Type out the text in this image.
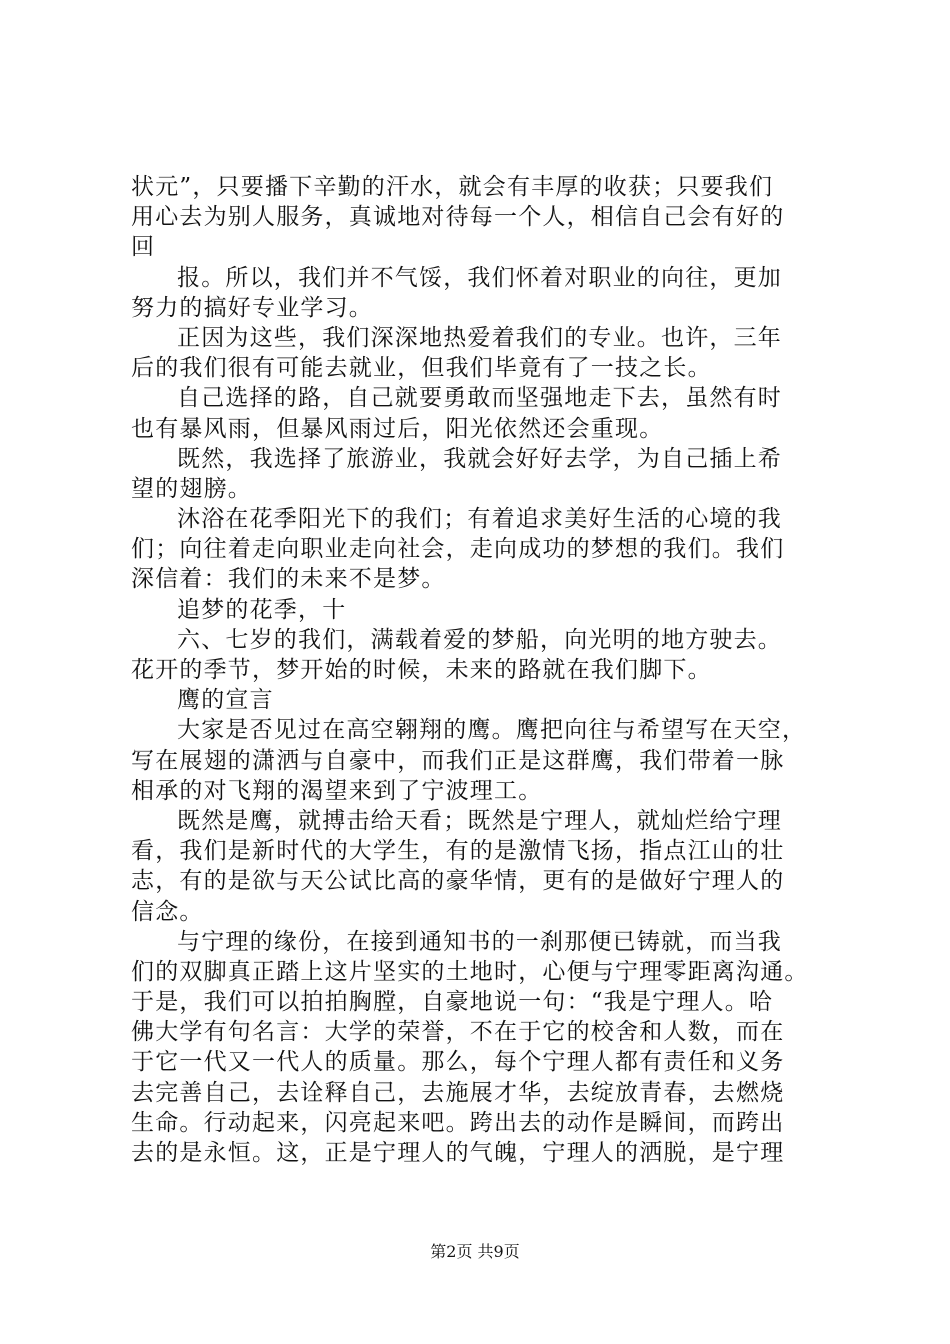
状元”，只要播下辛勤的汗水，就会有丰厚的收获；只要我们
用心去为别人服务，真诚地对待每一个人，相信自己会有好的
回
报。所以，我们并不气馁，我们怀着对职业的向往，更加
努力的搞好专业学习。
正因为这些，我们深深地热爱着我们的专业。也许，三年
后的我们很有可能去就业，但我们毕竟有了一技之长。
自己选择的路，自己就要勇敢而坚强地走下去，虽然有时
也有暴风雨，但暴风雨过后，阳光依然还会重现。
既然，我选择了旅游业，我就会好好去学，为自己插上希
望的翅膀。
沐浴在花季阳光下的我们；有着追求美好生活的心境的我
们；向往着走向职业走向社会，走向成功的梦想的我们。我们
深信着：我们的未来不是梦。
追梦的花季，十
六、七岁的我们，满载着爱的梦船，向光明的地方驶去。
花开的季节，梦开始的时候，未来的路就在我们脚下。
鹰的宣言
大家是否见过在高空翱翔的鹰。鹰把向往与希望写在天空，
写在展翅的潇洒与自豪中，而我们正是这群鹰，我们带着一脉
相承的对飞翔的渴望来到了宁波理工。
既然是鹰，就搏击给天看；既然是宁理人，就灿烂给宁理
看，我们是新时代的大学生，有的是激情飞扬，指点江山的壮
志，有的是欲与天公试比高的豪华情，更有的是做好宁理人的
信念。
与宁理的缘份，在接到通知书的一刹那便已铸就，而当我
们的双脚真正踏上这片坚实的土地时，心便与宁理零距离沟通。
于是，我们可以拍拍胸膛，自豪地说一句：“我是宁理人。哈
佛大学有句名言：大学的荣誉，不在于它的校舍和人数，而在
于它一代又一代人的质量。那么，每个宁理人都有责任和义务
去完善自己，去诠释自己，去施展才华，去绽放青春，去燃烧
生命。行动起来，闪亮起来吧。跨出去的动作是瞬间，而跨出
去的是永恒。这，正是宁理人的气魄，宁理人的洒脱，是宁理
第2页 共9页
